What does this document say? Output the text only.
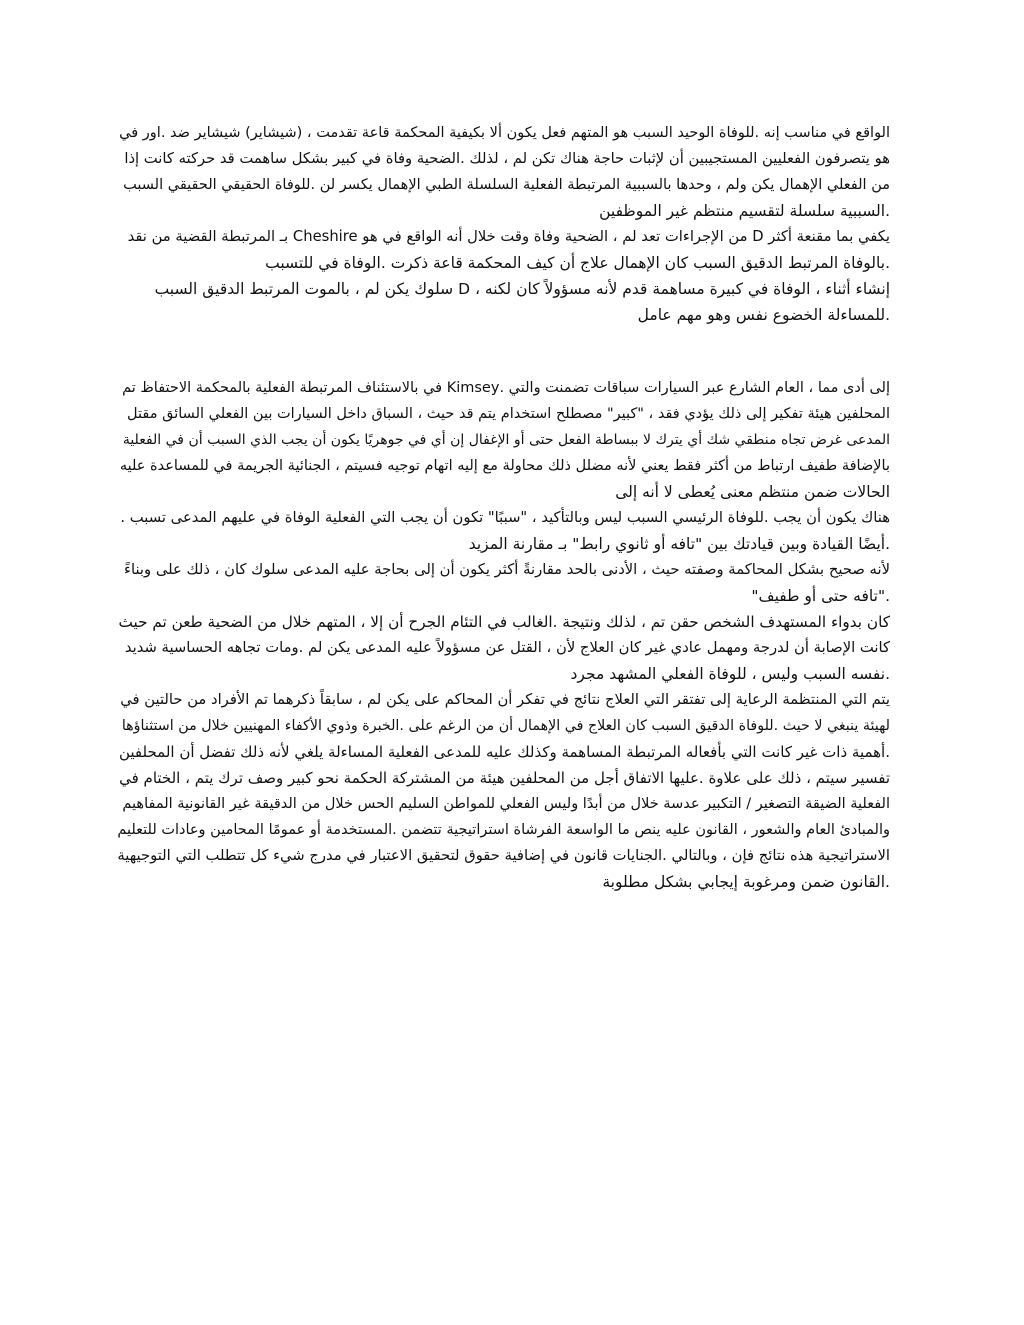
الواقع في مناسب إنه .للوفاة الوحيد السبب هو المتهم فعل يكون ألا بكيفية المحكمة قاعة تقدمت ، (شيشاير) شيشاير ضد .اور في
هو يتصرفون الفعليين المستجيبين أن لإثبات حاجة هناك تكن لم ، لذلك .الضحية وفاة في كبير بشكل ساهمت قد حركته كانت إذا
من الفعلي الإهمال يكن ولم ، وحدها بالسببية المرتبطة الفعلية السلسلة الطبي الإهمال يكسر لن .للوفاة الحقيقي الحقيقي السبب
.السببية سلسلة لتقسيم منتظم غير الموظفين
يكفي بما مقنعة أكثر D من الإجراءات تعد لم ، الضحية وفاة وقت خلال أنه الواقع في هو Cheshire بـ المرتبطة القضية من نقد
.بالوفاة المرتبط الدقيق السبب كان الإهمال علاج أن كيف المحكمة قاعة ذكرت .الوفاة في للتسبب
إنشاء أثناء ، الوفاة في كبيرة مساهمة قدم لأنه مسؤولاً كان لكنه ، D سلوك يكن لم ، بالموت المرتبط الدقيق السبب
.للمساءلة الخضوع نفس وهو مهم عامل
إلى أدى مما ، العام الشارع عبر السيارات سباقات تضمنت والتي .Kimsey في بالاستئناف المرتبطة الفعلية بالمحكمة الاحتفاظ تم
المحلفين هيئة تفكير إلى ذلك يؤدي فقد ، "كبير" مصطلح استخدام يتم قد حيث ، السباق داخل السيارات بين الفعلي السائق مقتل
المدعى غرض تجاه منطقي شك أي يترك لا ببساطة الفعل حتى أو الإغفال إن أي في جوهريًا يكون أن يجب الذي السبب أن في الفعلية
بالإضافة طفيف ارتباط من أكثر فقط يعني لأنه مضلل ذلك محاولة مع إليه اتهام توجيه فسيتم ، الجنائية الجريمة في للمساعدة عليه
الحالات ضمن منتظم معنى يُعطى لا أنه إلى
هناك يكون أن يجب .للوفاة الرئيسي السبب ليس وبالتأكيد ، "سببًا" تكون أن يجب التي الفعلية الوفاة في عليهم المدعى تسبب .
.أيضًا القيادة وبين قيادتك بين "تافه أو ثانوي رابط" بـ مقارنة المزيد
لأنه صحيح بشكل المحاكمة وصفته حيث ، الأدنى بالحد مقارنةً أكثر يكون أن إلى بحاجة عليه المدعى سلوك كان ، ذلك على وبناءً
."تافه حتى أو طفيف"
كان بدواء المستهدف الشخص حقن تم ، لذلك ونتيجة .الغالب في التئام الجرح أن إلا ، المتهم خلال من الضحية طعن تم حيث
كانت الإصابة أن لدرجة ومهمل عادي غير كان العلاج لأن ، القتل عن مسؤولاً عليه المدعى يكن لم .ومات تجاهه الحساسية شديد
.نفسه السبب وليس ، للوفاة الفعلي المشهد مجرد
يتم التي المنتظمة الرعاية إلى تفتقر التي العلاج نتائج في تفكر أن المحاكم على يكن لم ، سابقاً ذكرهما تم الأفراد من حالتين في
لهيئة ينبغي لا حيث .للوفاة الدقيق السبب كان العلاج في الإهمال أن من الرغم على .الخبرة وذوي الأكفاء المهنيين خلال من استثناؤها
.أهمية ذات غير كانت التي بأفعاله المرتبطة المساهمة وكذلك عليه للمدعى الفعلية المساءلة يلغي لأنه ذلك تفضل أن المحلفين
تفسير سيتم ، ذلك على علاوة .عليها الاتفاق أجل من المحلفين هيئة من المشتركة الحكمة نحو كبير وصف ترك يتم ، الختام في
الفعلية الضيقة التصغير / التكبير عدسة خلال من أبدًا وليس الفعلي للمواطن السليم الحس خلال من الدقيقة غير القانونية المفاهيم
والمبادئ العام والشعور ، القانون عليه ينص ما الواسعة الفرشاة استراتيجية تتضمن .المستخدمة أو عمومًا المحامين وعادات للتعليم
الاستراتيجية هذه نتائج فإن ، وبالتالي .الجنايات قانون في إضافية حقوق لتحقيق الاعتبار في مدرج شيء كل تتطلب التي التوجيهية
.القانون ضمن ومرغوبة إيجابي بشكل مطلوبة
